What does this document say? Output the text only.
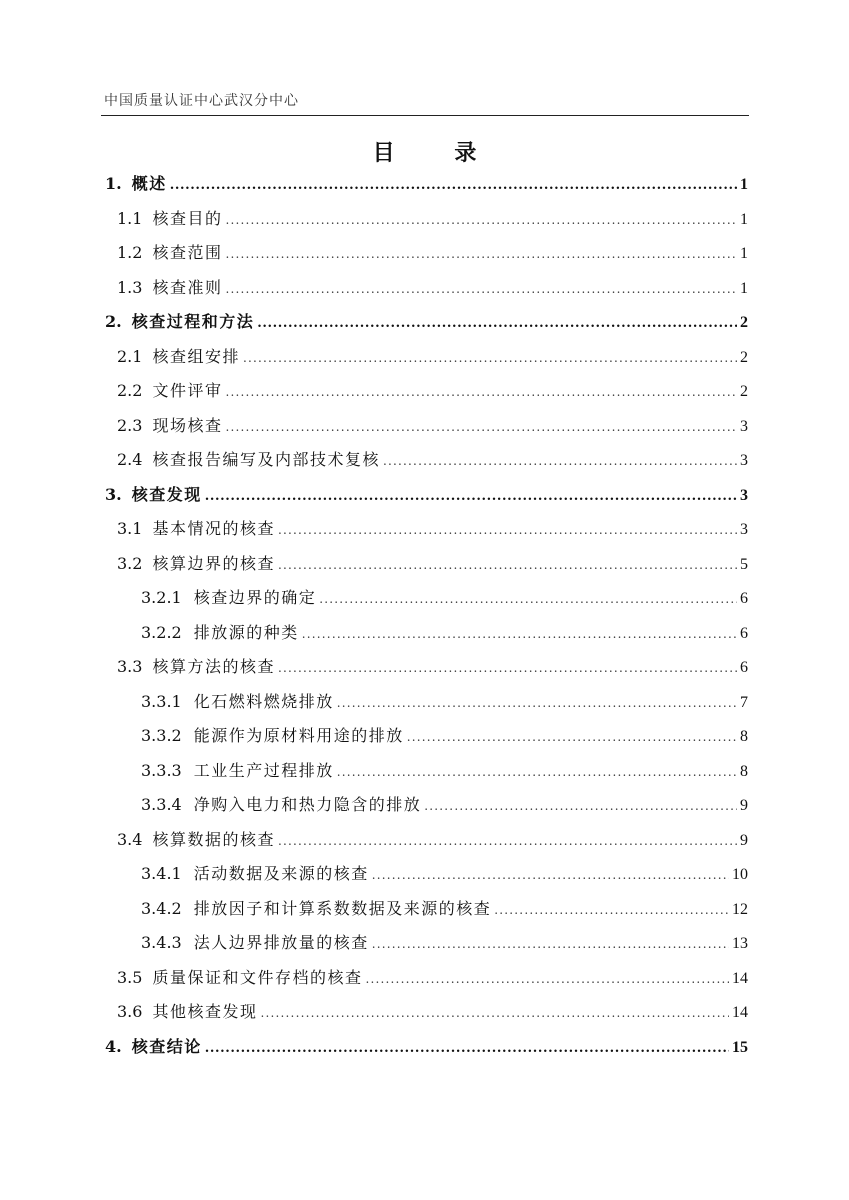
中国质量认证中心武汉分中心
目 录
1. 概述 .....	1
1.1 核查目的 .....	1
1.2 核查范围 .....	1
1.3 核查准则 .....	1
2. 核查过程和方法 .....	2
2.1 核查组安排 .....	2
2.2 文件评审 .....	2
2.3 现场核查 .....	3
2.4 核查报告编写及内部技术复核 .....	3
3. 核查发现 .....	3
3.1 基本情况的核查 .....	3
3.2 核算边界的核查 .....	5
3.2.1 核查边界的确定 .....	6
3.2.2 排放源的种类 .....	6
3.3 核算方法的核查 .....	6
3.3.1 化石燃料燃烧排放 .....	7
3.3.2 能源作为原材料用途的排放 .....	8
3.3.3 工业生产过程排放 .....	8
3.3.4 净购入电力和热力隐含的排放 .....	9
3.4 核算数据的核查 .....	9
3.4.1 活动数据及来源的核查 .....	10
3.4.2 排放因子和计算系数数据及来源的核查 .....	12
3.4.3 法人边界排放量的核查 .....	13
3.5 质量保证和文件存档的核查 .....	14
3.6 其他核查发现 .....	14
4. 核查结论 .....	15
